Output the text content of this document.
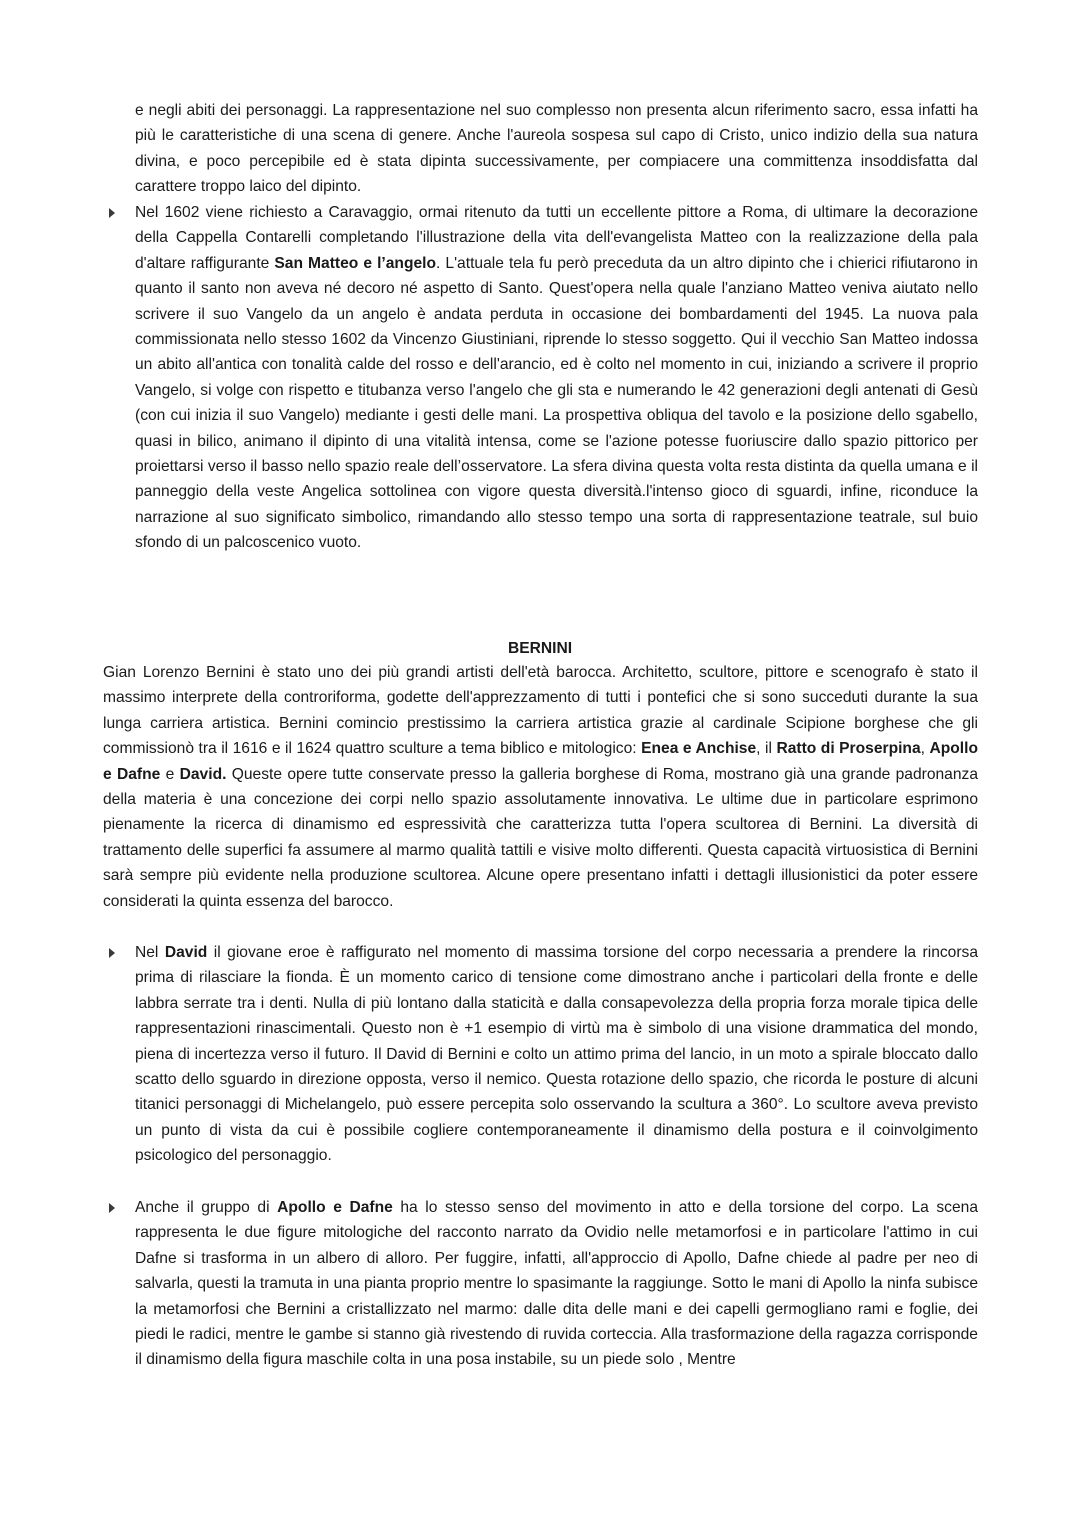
e negli abiti dei personaggi. La rappresentazione nel suo complesso non presenta alcun riferimento sacro, essa infatti ha più le caratteristiche di una scena di genere. Anche l'aureola sospesa sul capo di Cristo, unico indizio della sua natura divina, e poco percepibile ed è stata dipinta successivamente, per compiacere una committenza insoddisfatta dal carattere troppo laico del dipinto.

Nel 1602 viene richiesto a Caravaggio, ormai ritenuto da tutti un eccellente pittore a Roma, di ultimare la decorazione della Cappella Contarelli completando l'illustrazione della vita dell'evangelista Matteo con la realizzazione della pala d'altare raffigurante San Matteo e l’angelo. L'attuale tela fu però preceduta da un altro dipinto che i chierici rifiutarono in quanto il santo non aveva né decoro né aspetto di Santo. Quest'opera nella quale l'anziano Matteo veniva aiutato nello scrivere il suo Vangelo da un angelo è andata perduta in occasione dei bombardamenti del 1945. La nuova pala commissionata nello stesso 1602 da Vincenzo Giustiniani, riprende lo stesso soggetto. Qui il vecchio San Matteo indossa un abito all'antica con tonalità calde del rosso e dell'arancio, ed è colto nel momento in cui, iniziando a scrivere il proprio Vangelo, si volge con rispetto e titubanza verso l'angelo che gli sta e numerando le 42 generazioni degli antenati di Gesù (con cui inizia il suo Vangelo) mediante i gesti delle mani. La prospettiva obliqua del tavolo e la posizione dello sgabello, quasi in bilico, animano il dipinto di una vitalità intensa, come se l'azione potesse fuoriuscire dallo spazio pittorico per proiettarsi verso il basso nello spazio reale dell’osservatore. La sfera divina questa volta resta distinta da quella umana e il panneggio della veste Angelica sottolinea con vigore questa diversità.l'intenso gioco di sguardi, infine, riconduce la narrazione al suo significato simbolico, rimandando allo stesso tempo una sorta di rappresentazione teatrale, sul buio sfondo di un palcoscenico vuoto.

BERNINI

Gian Lorenzo Bernini è stato uno dei più grandi artisti dell'età barocca. Architetto, scultore, pittore e scenografo è stato il massimo interprete della controriforma, godette dell'apprezzamento di tutti i pontefici che si sono succeduti durante la sua lunga carriera artistica. Bernini comincio prestissimo la carriera artistica grazie al cardinale Scipione borghese che gli commissionò tra il 1616 e il 1624 quattro sculture a tema biblico e mitologico: Enea e Anchise, il Ratto di Proserpina, Apollo e Dafne e David. Queste opere tutte conservate presso la galleria borghese di Roma, mostrano già una grande padronanza della materia è una concezione dei corpi nello spazio assolutamente innovativa. Le ultime due in particolare esprimono pienamente la ricerca di dinamismo ed espressività che caratterizza tutta l'opera scultorea di Bernini. La diversità di trattamento delle superfici fa assumere al marmo qualità tattili e visive molto differenti. Questa capacità virtuosistica di Bernini sarà sempre più evidente nella produzione scultorea. Alcune opere presentano infatti i dettagli illusionistici da poter essere considerati la quinta essenza del barocco.

Nel David il giovane eroe è raffigurato nel momento di massima torsione del corpo necessaria a prendere la rincorsa prima di rilasciare la fionda. È un momento carico di tensione come dimostrano anche i particolari della fronte e delle labbra serrate tra i denti. Nulla di più lontano dalla staticità e dalla consapevolezza della propria forza morale tipica delle rappresentazioni rinascimentali. Questo non è +1 esempio di virtù ma è simbolo di una visione drammatica del mondo, piena di incertezza verso il futuro. Il David di Bernini e colto un attimo prima del lancio, in un moto a spirale bloccato dallo scatto dello sguardo in direzione opposta, verso il nemico. Questa rotazione dello spazio, che ricorda le posture di alcuni titanici personaggi di Michelangelo, può essere percepita solo osservando la scultura a 360°. Lo scultore aveva previsto un punto di vista da cui è possibile cogliere contemporaneamente il dinamismo della postura e il coinvolgimento psicologico del personaggio.

Anche il gruppo di Apollo e Dafne ha lo stesso senso del movimento in atto e della torsione del corpo. La scena rappresenta le due figure mitologiche del racconto narrato da Ovidio nelle metamorfosi e in particolare l'attimo in cui Dafne si trasforma in un albero di alloro. Per fuggire, infatti, all'approccio di Apollo, Dafne chiede al padre per neo di salvarla, questi la tramuta in una pianta proprio mentre lo spasimante la raggiunge. Sotto le mani di Apollo la ninfa subisce la metamorfosi che Bernini a cristallizzato nel marmo: dalle dita delle mani e dei capelli germogliano rami e foglie, dei piedi le radici, mentre le gambe si stanno già rivestendo di ruvida corteccia. Alla trasformazione della ragazza corrisponde il dinamismo della figura maschile colta in una posa instabile, su un piede solo , Mentre
